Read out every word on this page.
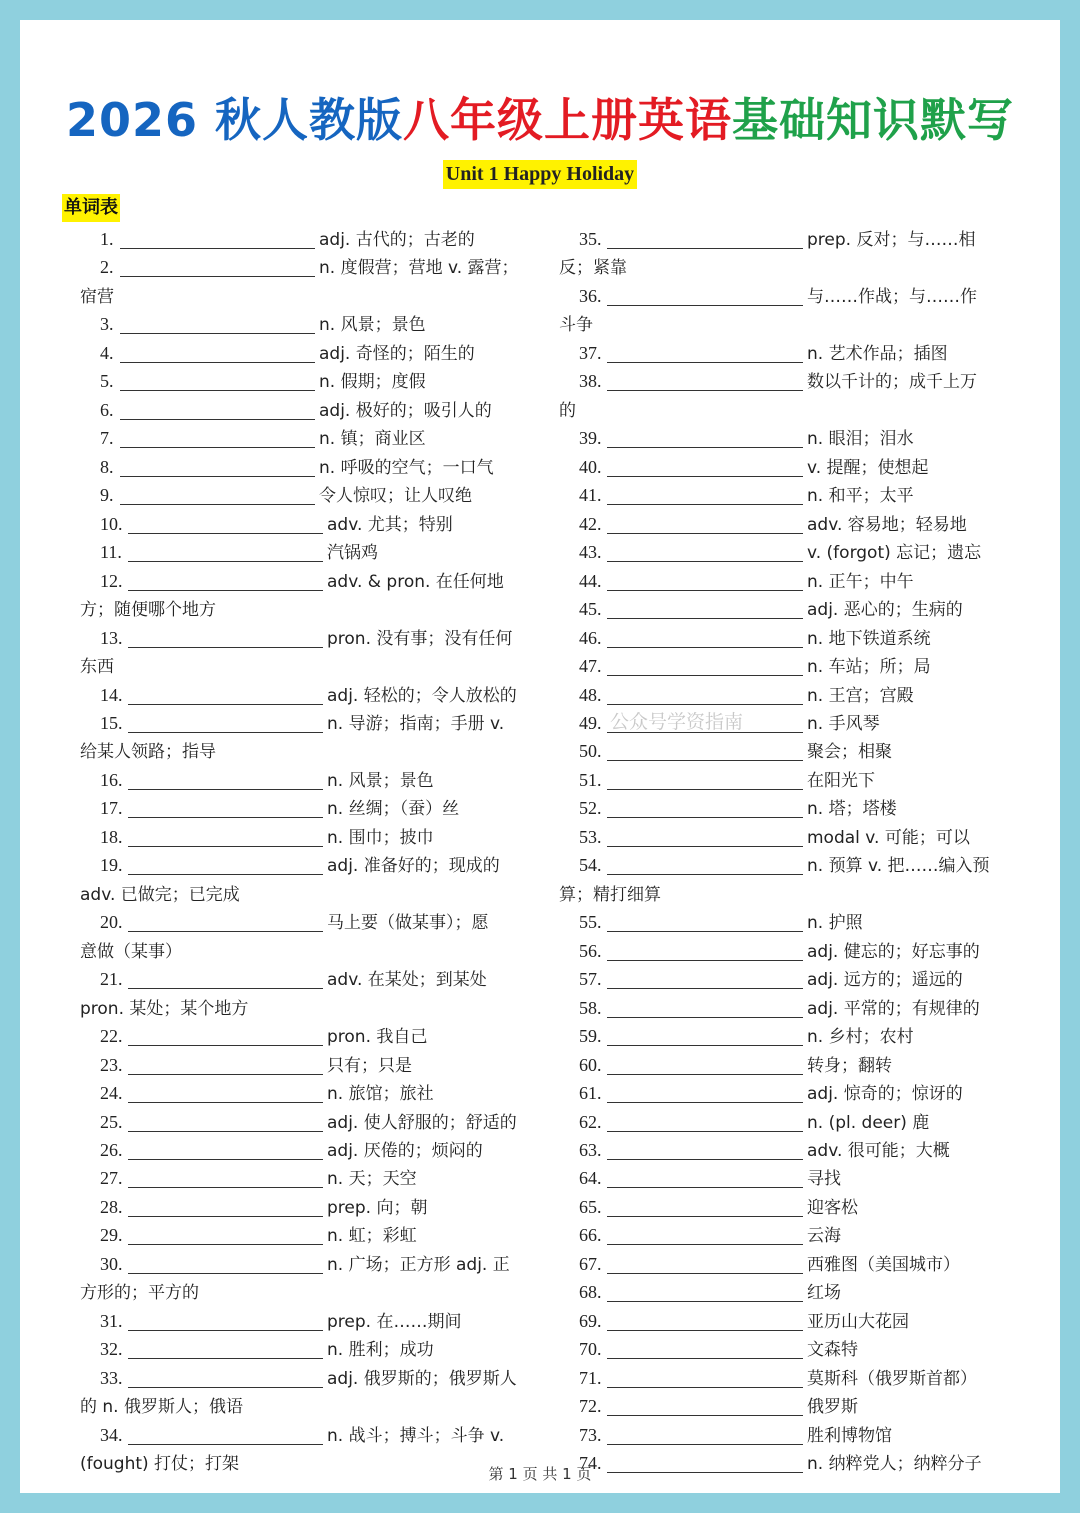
2026 秋人教版八年级上册英语基础知识默写
Unit 1 Happy Holiday
单词表
1.	adj. 古代的；古老的
2.	n. 度假营；营地 v. 露营；
宿营
3.	n. 风景；景色
4.	adj. 奇怪的；陌生的
5.	n. 假期；度假
6.	adj. 极好的；吸引人的
7.	n. 镇；商业区
8.	n. 呼吸的空气；一口气
9.	令人惊叹；让人叹绝
10.	adv. 尤其；特别
11.	汽锅鸡
12.	adv. & pron. 在任何地
方；随便哪个地方
13.	pron. 没有事；没有任何
东西
14.	adj. 轻松的；令人放松的
15.	n. 导游；指南；手册 v.
给某人领路；指导
16.	n. 风景；景色
17.	n. 丝绸；（蚕）丝
18.	n. 围巾；披巾
19.	adj. 准备好的；现成的
adv. 已做完；已完成
20.	马上要（做某事）；愿
意做（某事）
21.	adv. 在某处；到某处
pron. 某处；某个地方
22.	pron. 我自己
23.	只有；只是
24.	n. 旅馆；旅社
25.	adj. 使人舒服的；舒适的
26.	adj. 厌倦的；烦闷的
27.	n. 天；天空
28.	prep. 向；朝
29.	n. 虹；彩虹
30.	n. 广场；正方形 adj. 正
方形的；平方的
31.	prep. 在……期间
32.	n. 胜利；成功
33.	adj. 俄罗斯的；俄罗斯人
的 n. 俄罗斯人；俄语
34.	n. 战斗；搏斗；斗争 v.
(fought) 打仗；打架
35.	prep. 反对；与……相
反；紧靠
36.	与……作战；与……作
斗争
37.	n. 艺术作品；插图
38.	数以千计的；成千上万
的
39.	n. 眼泪；泪水
40.	v. 提醒；使想起
41.	n. 和平；太平
42.	adv. 容易地；轻易地
43.	v. (forgot) 忘记；遗忘
44.	n. 正午；中午
45.	adj. 恶心的；生病的
46.	n. 地下铁道系统
47.	n. 车站；所；局
48.	n. 王宫；宫殿
49.	n. 手风琴
50.	聚会；相聚
51.	在阳光下
52.	n. 塔；塔楼
53.	modal v. 可能；可以
54.	n. 预算 v. 把……编入预
算；精打细算
55.	n. 护照
56.	adj. 健忘的；好忘事的
57.	adj. 远方的；遥远的
58.	adj. 平常的；有规律的
59.	n. 乡村；农村
60.	转身；翻转
61.	adj. 惊奇的；惊讶的
62.	n. (pl. deer) 鹿
63.	adv. 很可能；大概
64.	寻找
65.	迎客松
66.	云海
67.	西雅图（美国城市）
68.	红场
69.	亚历山大花园
70.	文森特
71.	莫斯科（俄罗斯首都）
72.	俄罗斯
73.	胜利博物馆
74.	n. 纳粹党人；纳粹分子
公众号学资指南
第 1 页 共 1 页
